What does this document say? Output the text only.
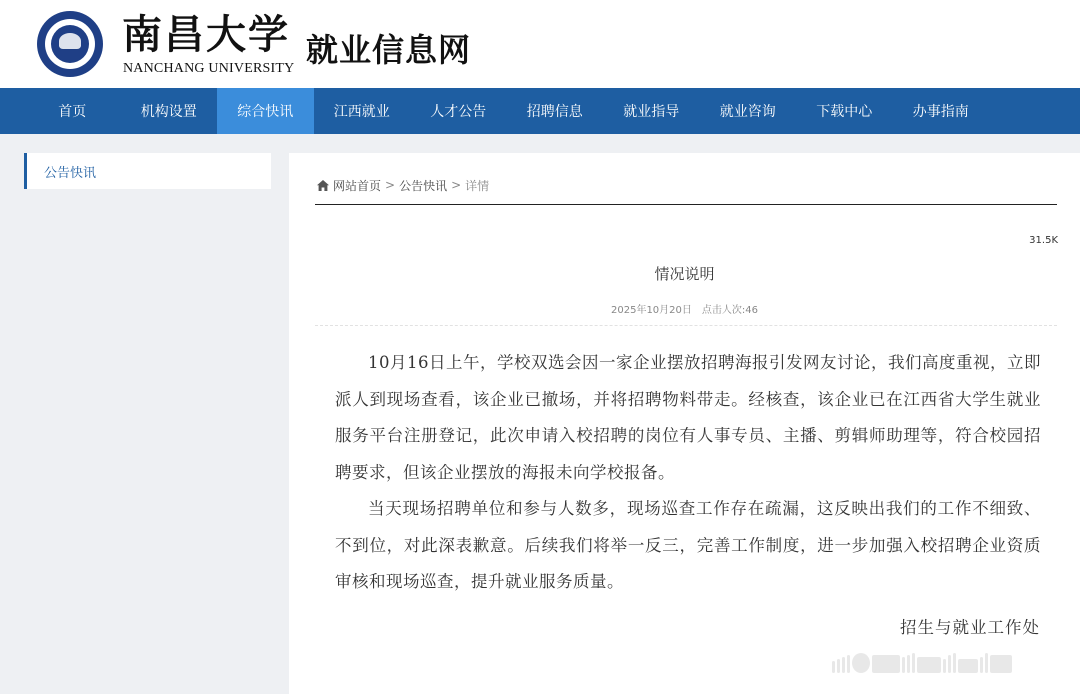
南昌大学
NANCHANG UNIVERSITY 就业信息网
首页	机构设置	综合快讯	江西就业	人才公告	招聘信息	就业指导	就业咨询	下载中心	办事指南
公告快讯
网站首页 > 公告快讯 > 详情
31.5K
情况说明
2025年10月20日 点击人次:46

10月16日上午，学校双选会因一家企业摆放招聘海报引发网友讨论，我们高度重视，立即派人到现场查看，该企业已撤场，并将招聘物料带走。经核查，该企业已在江西省大学生就业服务平台注册登记，此次申请入校招聘的岗位有人事专员、主播、剪辑师助理等，符合校园招聘要求，但该企业摆放的海报未向学校报备。

当天现场招聘单位和参与人数多，现场巡查工作存在疏漏，这反映出我们的工作不细致、不到位，对此深表歉意。后续我们将举一反三，完善工作制度，进一步加强入校招聘企业资质审核和现场巡查，提升就业服务质量。

招生与就业工作处
